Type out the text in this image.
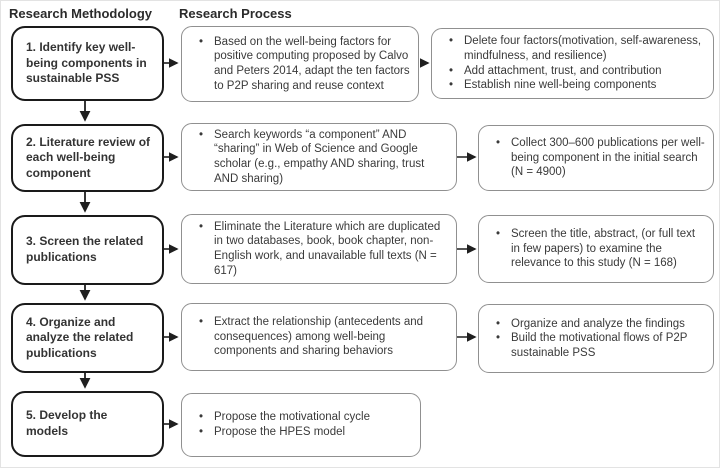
Research Methodology Research Process
1. Identify key well-being components in sustainable PSS
2. Literature review of each well-being component
3. Screen the related publications
4. Organize and analyze the related publications
5. Develop the models
•
Based on the well-being factors for positive computing proposed by Calvo and Peters 2014, adapt the ten factors to P2P sharing and reuse context
•
Search keywords “a component” AND “sharing” in Web of Science and Google scholar (e.g., empathy AND sharing, trust AND sharing)
•
Eliminate the Literature which are duplicated in two databases, book, book chapter, non-English work, and unavailable full texts (N = 617)
•
Extract the relationship (antecedents and consequences) among well-being components and sharing behaviors
•
Propose the motivational cycle
•
Propose the HPES model
•
Delete four factors(motivation, self-awareness, mindfulness, and resilience)
•
Add attachment, trust, and contribution
•
Establish nine well-being components
•
Collect 300–600 publications per well-being component in the initial search (N = 4900)
•
Screen the title, abstract, (or full text in few papers) to examine the relevance to this study (N = 168)
•
Organize and analyze the findings
•
Build the motivational flows of P2P sustainable PSS
